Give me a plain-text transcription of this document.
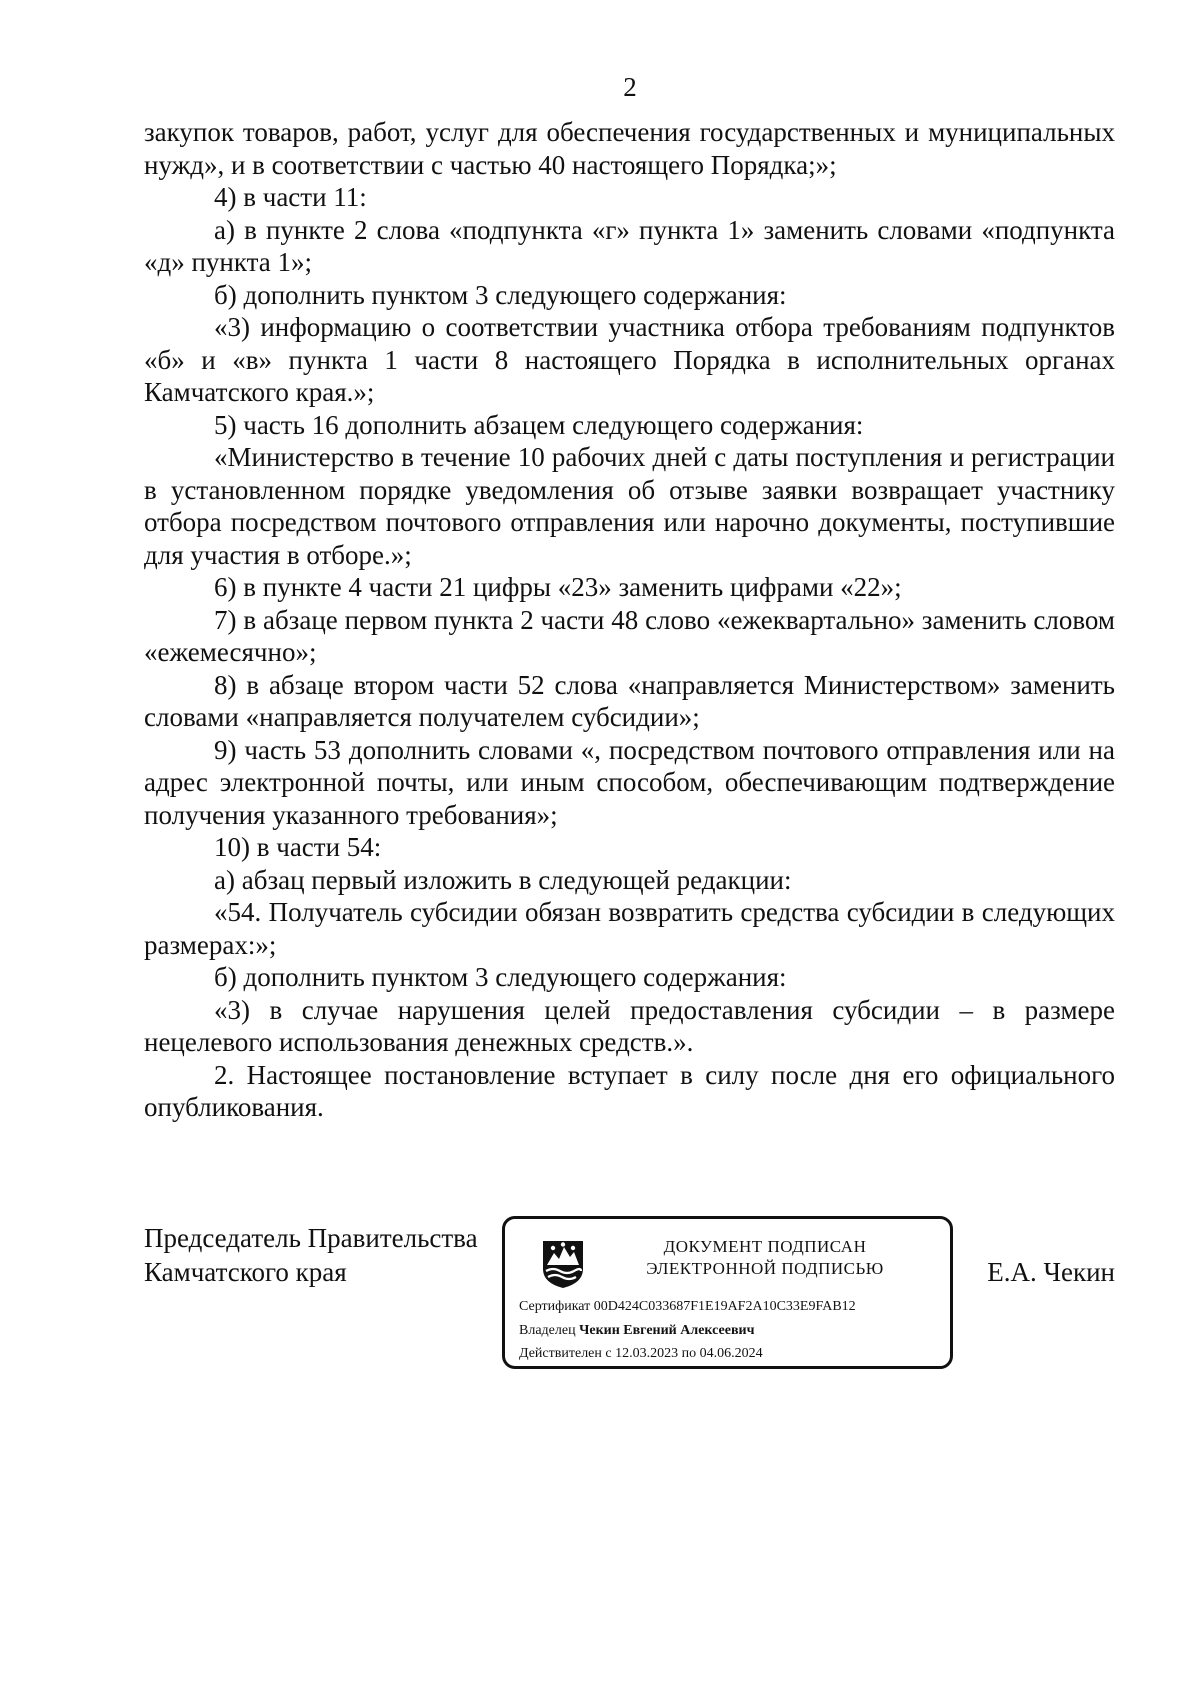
2

закупок товаров, работ, услуг для обеспечения государственных и муниципальных нужд», и в соответствии с частью 40 настоящего Порядка;»;

4) в части 11:

а) в пункте 2 слова «подпункта «г» пункта 1» заменить словами «подпункта «д» пункта 1»;

б) дополнить пунктом 3 следующего содержания:

«3) информацию о соответствии участника отбора требованиям подпунктов «б» и «в» пункта 1 части 8 настоящего Порядка в исполнительных органах Камчатского края.»;

5) часть 16 дополнить абзацем следующего содержания:

«Министерство в течение 10 рабочих дней с даты поступления и регистрации в установленном порядке уведомления об отзыве заявки возвращает участнику отбора посредством почтового отправления или нарочно документы, поступившие для участия в отборе.»;

6) в пункте 4 части 21 цифры «23» заменить цифрами «22»;

7) в абзаце первом пункта 2 части 48 слово «ежеквартально» заменить словом «ежемесячно»;

8) в абзаце втором части 52 слова «направляется Министерством» заменить словами «направляется получателем субсидии»;

9) часть 53 дополнить словами «, посредством почтового отправления или на адрес электронной почты, или иным способом, обеспечивающим подтверждение получения указанного требования»;

10) в части 54:

а) абзац первый изложить в следующей редакции:

«54. Получатель субсидии обязан возвратить средства субсидии в следующих размерах:»;

б) дополнить пунктом 3 следующего содержания:

«3) в случае нарушения целей предоставления субсидии – в размере нецелевого использования денежных средств.».

2. Настоящее постановление вступает в силу после дня его официального опубликования.

Председатель Правительства
Камчатского края
ДОКУМЕНТ ПОДПИСАН
ЭЛЕКТРОННОЙ ПОДПИСЬЮ
Сертификат 00D424C033687F1E19AF2A10C33E9FAB12
Владелец Чекин Евгений Алексеевич
Действителен с 12.03.2023 по 04.06.2024
Е.А. Чекин
